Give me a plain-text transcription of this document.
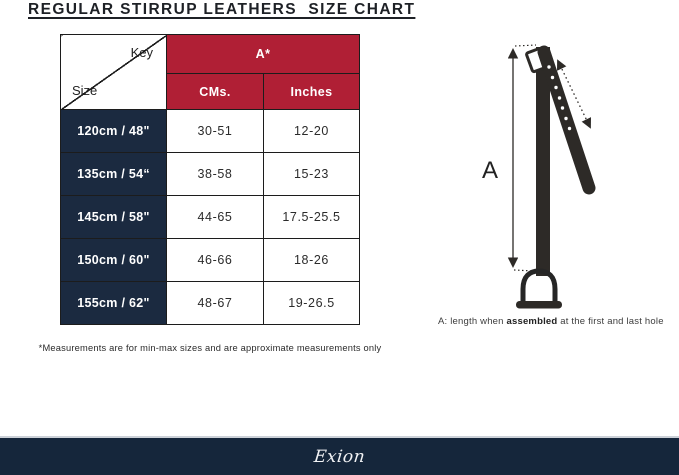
REGULAR STIRRUP LEATHERS  SIZE CHART
Key
Size	A*	
	CMs.	Inches
120cm / 48"	30-51	12-20
135cm / 54“	38-58	15-23
145cm / 58"	44-65	17.5-25.5
150cm / 60"	46-66	18-26
155cm / 62"	48-67	19-26.5
*Measurements are for min-max sizes and are approximate measurements only
A
A: length when assembled at the first and last hole
Exion
